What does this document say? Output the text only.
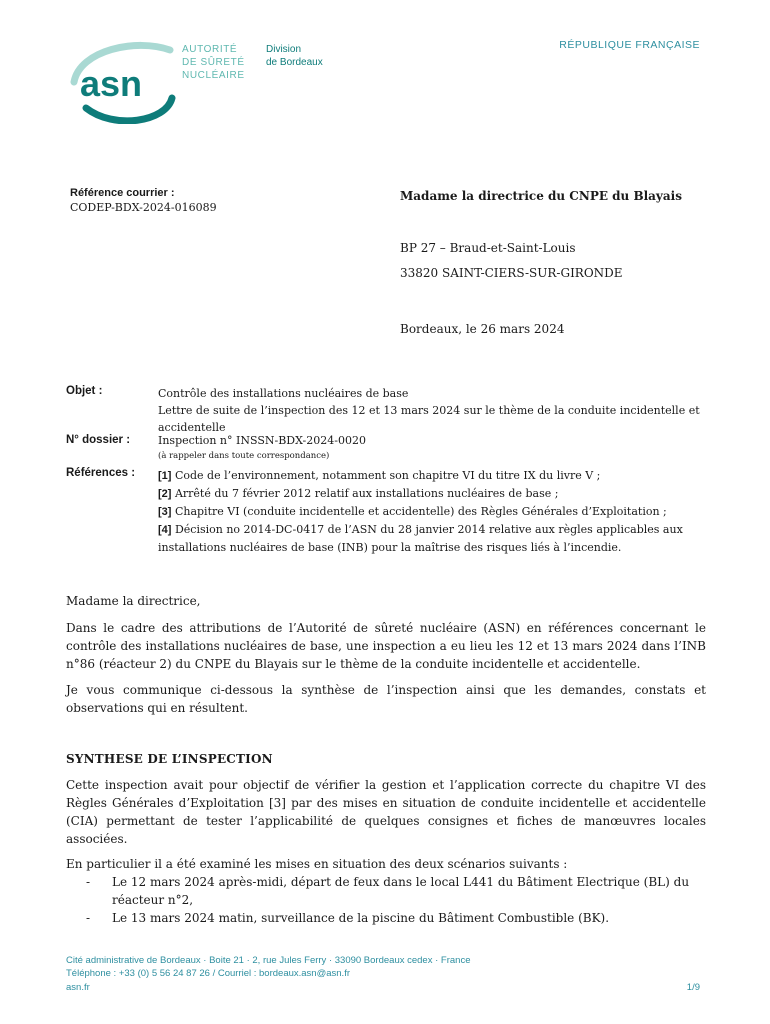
asn
AUTORITÉ
DE SÛRETÉ
NUCLÉAIRE
Division
de Bordeaux
RÉPUBLIQUE FRANÇAISE
Référence courrier :
CODEP-BDX-2024-016089
Madame la directrice du CNPE du Blayais
BP 27 – Braud-et-Saint-Louis
33820 SAINT-CIERS-SUR-GIRONDE
Bordeaux, le 26 mars 2024
Objet :	Contrôle des installations nucléaires de base
Lettre de suite de l’inspection des 12 et 13 mars 2024 sur le thème de la conduite incidentelle et accidentelle
N° dossier :	Inspection n° INSSN-BDX-2024-0020
(à rappeler dans toute correspondance)
Références : [1] Code de l’environnement, notamment son chapitre VI du titre IX du livre V ;
[2] Arrêté du 7 février 2012 relatif aux installations nucléaires de base ;
[3] Chapitre VI (conduite incidentelle et accidentelle) des Règles Générales d’Exploitation ;
[4] Décision no 2014-DC-0417 de l’ASN du 28 janvier 2014 relative aux règles applicables aux installations nucléaires de base (INB) pour la maîtrise des risques liés à l’incendie.
Madame la directrice,

Dans le cadre des attributions de l’Autorité de sûreté nucléaire (ASN) en références concernant le contrôle des installations nucléaires de base, une inspection a eu lieu les 12 et 13 mars 2024 dans l’INB n°86 (réacteur 2) du CNPE du Blayais sur le thème de la conduite incidentelle et accidentelle.

Je vous communique ci-dessous la synthèse de l’inspection ainsi que les demandes, constats et observations qui en résultent.

SYNTHESE DE L’INSPECTION

Cette inspection avait pour objectif de vérifier la gestion et l’application correcte du chapitre VI des Règles Générales d’Exploitation [3] par des mises en situation de conduite incidentelle et accidentelle (CIA) permettant de tester l’applicabilité de quelques consignes et fiches de manœuvres locales associées.

En particulier il a été examiné les mises en situation des deux scénarios suivants :

- Le 12 mars 2024 après-midi, départ de feux dans le local L441 du Bâtiment Electrique (BL) du réacteur n°2,
- Le 13 mars 2024 matin, surveillance de la piscine du Bâtiment Combustible (BK).
Cité administrative de Bordeaux · Boite 21 · 2, rue Jules Ferry · 33090 Bordeaux cedex · France
Téléphone : +33 (0) 5 56 24 87 26 / Courriel : bordeaux.asn@asn.fr
asn.fr	1/9
